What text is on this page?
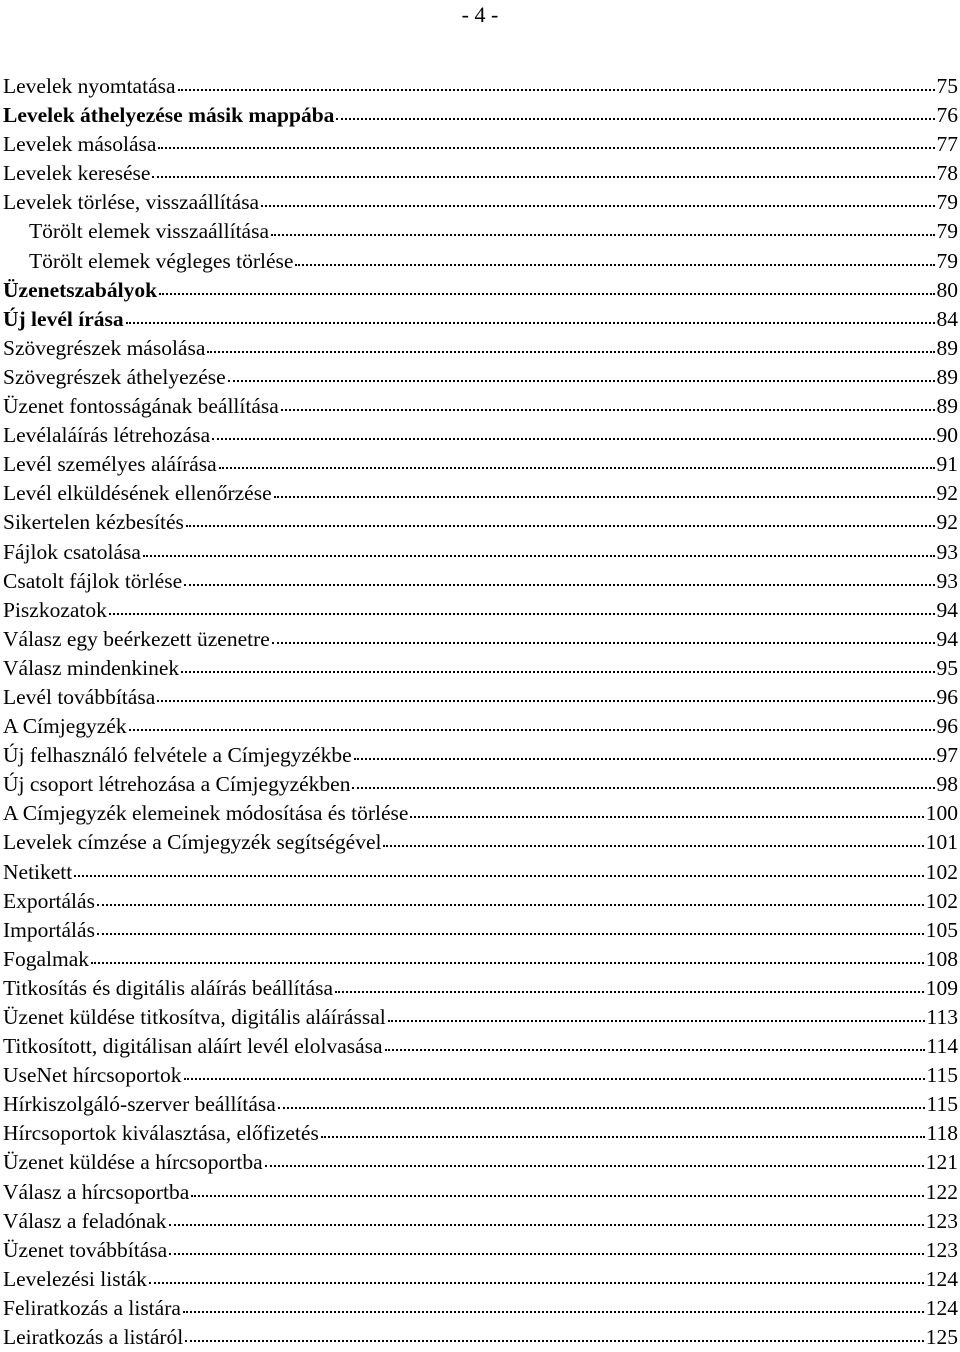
- 4 -
Levelek nyomtatása	75
Levelek áthelyezése másik mappába	76
Levelek másolása	77
Levelek keresése	78
Levelek törlése, visszaállítása	79
Törölt elemek visszaállítása	79
Törölt elemek végleges törlése	79
Üzenetszabályok	80
Új levél írása	84
Szövegrészek másolása	89
Szövegrészek áthelyezése	89
Üzenet fontosságának beállítása	89
Levélaláírás létrehozása	90
Levél személyes aláírása	91
Levél elküldésének ellenőrzése	92
Sikertelen kézbesítés	92
Fájlok csatolása	93
Csatolt fájlok törlése	93
Piszkozatok	94
Válasz egy beérkezett üzenetre	94
Válasz mindenkinek	95
Levél továbbítása	96
A Címjegyzék	96
Új felhasználó felvétele a Címjegyzékbe	97
Új csoport létrehozása a Címjegyzékben	98
A Címjegyzék elemeinek módosítása és törlése	100
Levelek címzése a Címjegyzék segítségével	101
Netikett	102
Exportálás	102
Importálás	105
Fogalmak	108
Titkosítás és digitális aláírás beállítása	109
Üzenet küldése titkosítva, digitális aláírással	113
Titkosított, digitálisan aláírt levél elolvasása	114
UseNet hírcsoportok	115
Hírkiszolgáló-szerver beállítása	115
Hírcsoportok kiválasztása, előfizetés	118
Üzenet küldése a hírcsoportba	121
Válasz a hírcsoportba	122
Válasz a feladónak	123
Üzenet továbbítása	123
Levelezési listák	124
Feliratkozás a listára	124
Leiratkozás a listáról	125
